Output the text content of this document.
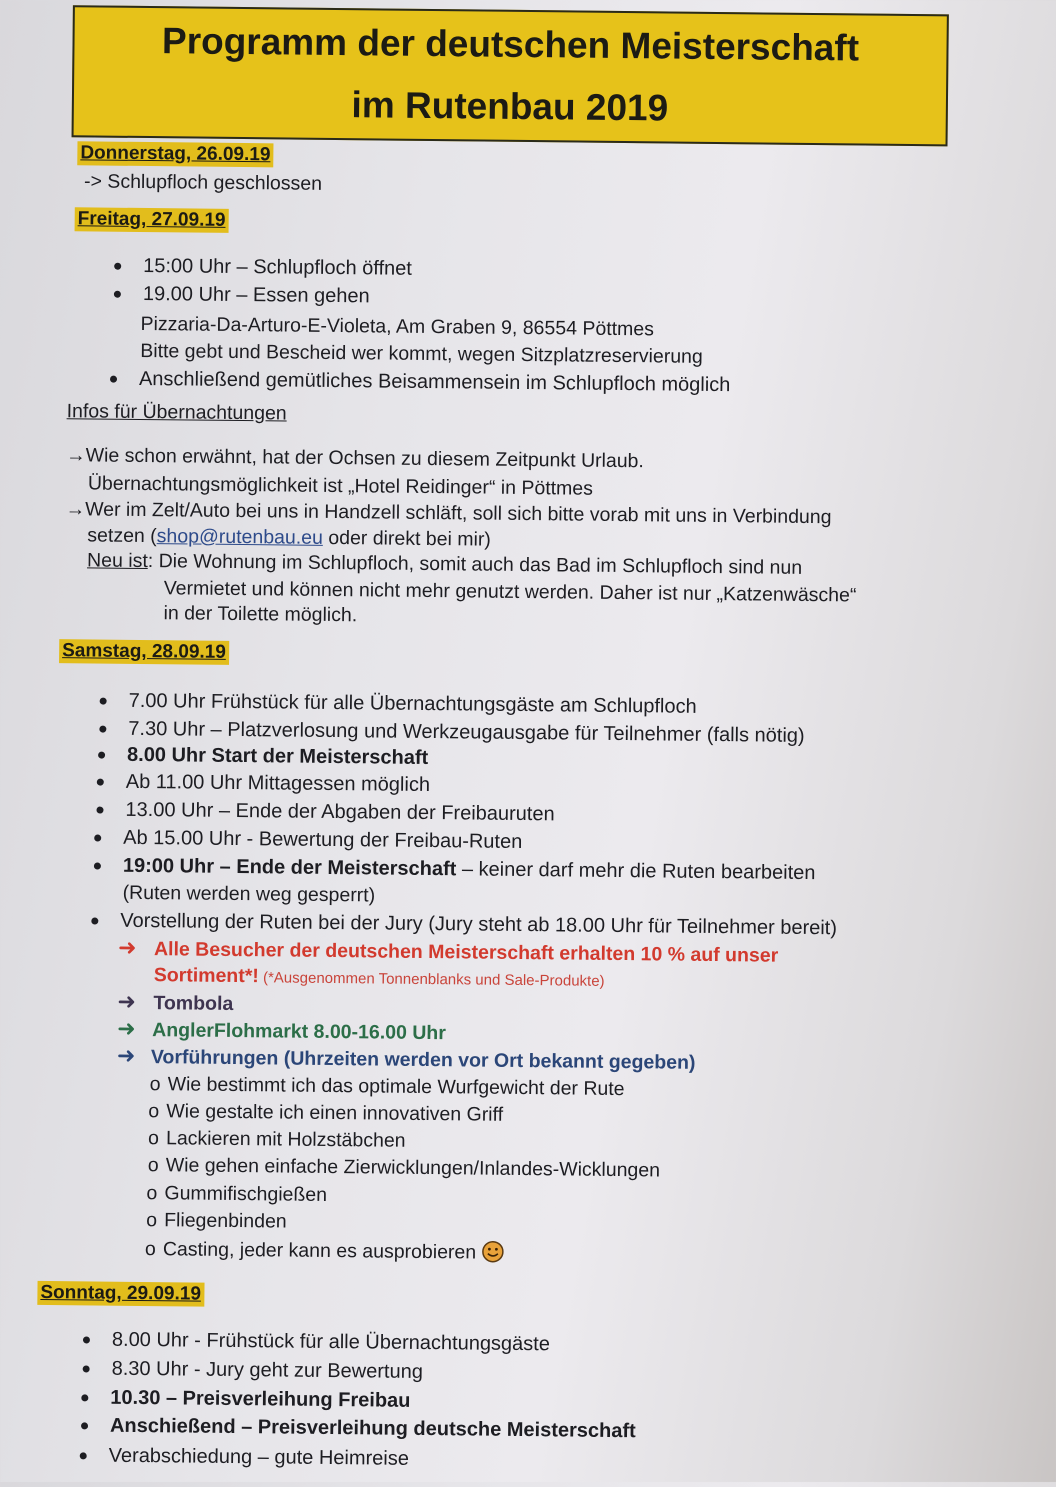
Programm der deutschen Meisterschaft
im Rutenbau 2019
Donnerstag, 26.09.19
-> Schlupfloch geschlossen
Freitag, 27.09.19
15:00 Uhr – Schlupfloch öffnet
19.00 Uhr – Essen gehen
Pizzaria-Da-Arturo-E-Violeta, Am Graben 9, 86554 Pöttmes
Bitte gebt und Bescheid wer kommt, wegen Sitzplatzreservierung
Anschließend gemütliches Beisammensein im Schlupfloch möglich
Infos für Übernachtungen
→Wie schon erwähnt, hat der Ochsen zu diesem Zeitpunkt Urlaub.
Übernachtungsmöglichkeit ist „Hotel Reidinger“ in Pöttmes
→Wer im Zelt/Auto bei uns in Handzell schläft, soll sich bitte vorab mit uns in Verbindung
setzen (shop@rutenbau.eu oder direkt bei mir)
Neu ist: Die Wohnung im Schlupfloch, somit auch das Bad im Schlupfloch sind nun
Vermietet und können nicht mehr genutzt werden. Daher ist nur „Katzenwäsche“
in der Toilette möglich.
Samstag, 28.09.19
7.00 Uhr Frühstück für alle Übernachtungsgäste am Schlupfloch
7.30 Uhr – Platzverlosung und Werkzeugausgabe für Teilnehmer (falls nötig)
8.00 Uhr Start der Meisterschaft
Ab 11.00 Uhr Mittagessen möglich
13.00 Uhr – Ende der Abgaben der Freibauruten
Ab 15.00 Uhr - Bewertung der Freibau-Ruten
19:00 Uhr – Ende der Meisterschaft – keiner darf mehr die Ruten bearbeiten
(Ruten werden weg gesperrt)
Vorstellung der Ruten bei der Jury (Jury steht ab 18.00 Uhr für Teilnehmer bereit)
➜ Alle Besucher der deutschen Meisterschaft erhalten 10 % auf unser
Sortiment*! (*Ausgenommen Tonnenblanks und Sale-Produkte)
➜ Tombola
➜ AnglerFlohmarkt 8.00-16.00 Uhr
➜ Vorführungen (Uhrzeiten werden vor Ort bekannt gegeben)
o Wie bestimmt ich das optimale Wurfgewicht der Rute
o Wie gestalte ich einen innovativen Griff
o Lackieren mit Holzstäbchen
o Wie gehen einfache Zierwicklungen/Inlandes-Wicklungen
o Gummifischgießen
o Fliegenbinden
o Casting, jeder kann es ausprobieren
Sonntag, 29.09.19
8.00 Uhr - Frühstück für alle Übernachtungsgäste
8.30 Uhr - Jury geht zur Bewertung
10.30 – Preisverleihung Freibau
Anschießend – Preisverleihung deutsche Meisterschaft
Verabschiedung – gute Heimreise
